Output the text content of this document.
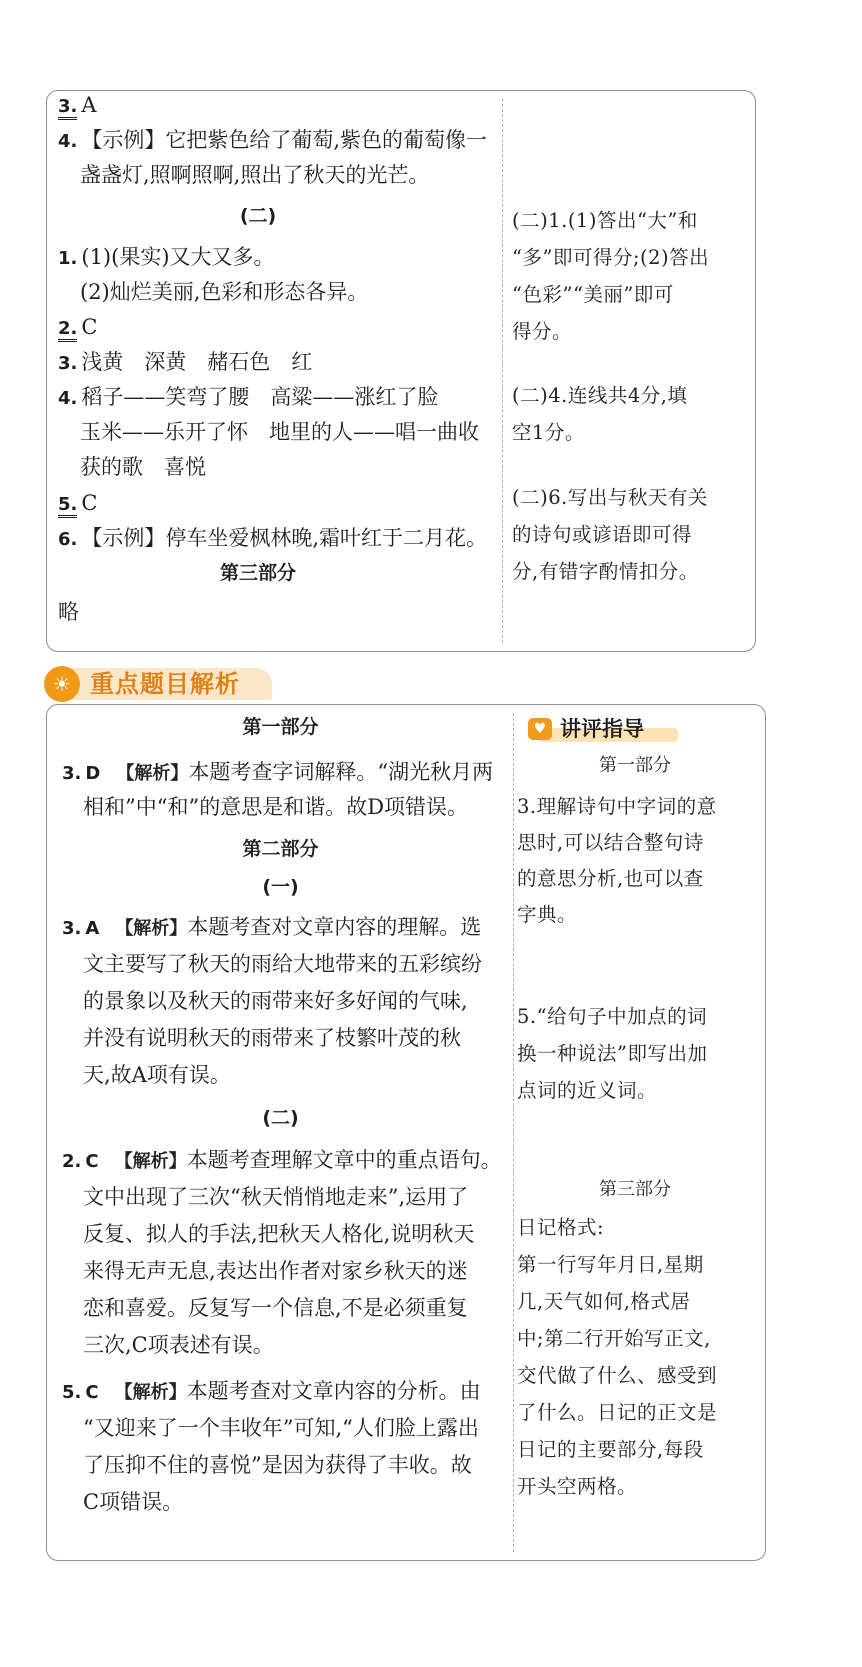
3. A
4. 【示例】它把紫色给了葡萄,紫色的葡萄像一
盏盏灯,照啊照啊,照出了秋天的光芒。
(二)
1. (1)(果实)又大又多。
(2)灿烂美丽,色彩和形态各异。
2. C
3. 浅黄　深黄　赭石色　红
4. 稻子——笑弯了腰　高粱——涨红了脸
玉米——乐开了怀　地里的人——唱一曲收
获的歌　喜悦
5. C
6. 【示例】停车坐爱枫林晚,霜叶红于二月花。
第三部分
略
(二)1.(1)答出“大”和
“多”即可得分;(2)答出
“色彩”“美丽”即可
得分。
(二)4.连线共4分,填
空1分。
(二)6.写出与秋天有关
的诗句或谚语即可得
分,有错字酌情扣分。
☀ 重点题目解析
第一部分
3. D 【解析】本题考查字词解释。“湖光秋月两
相和”中“和”的意思是和谐。故D项错误。
第二部分
(一)
3. A 【解析】本题考查对文章内容的理解。选
文主要写了秋天的雨给大地带来的五彩缤纷
的景象以及秋天的雨带来好多好闻的气味,
并没有说明秋天的雨带来了枝繁叶茂的秋
天,故A项有误。
(二)
2. C 【解析】本题考查理解文章中的重点语句。
文中出现了三次“秋天悄悄地走来”,运用了
反复、拟人的手法,把秋天人格化,说明秋天
来得无声无息,表达出作者对家乡秋天的迷
恋和喜爱。反复写一个信息,不是必须重复
三次,C项表述有误。
5. C 【解析】本题考查对文章内容的分析。由
“又迎来了一个丰收年”可知,“人们脸上露出
了压抑不住的喜悦”是因为获得了丰收。故
C项错误。
♥ 讲评指导
第一部分
3.理解诗句中字词的意
思时,可以结合整句诗
的意思分析,也可以查
字典。
5.“给句子中加点的词
换一种说法”即写出加
点词的近义词。
第三部分
日记格式:
第一行写年月日,星期
几,天气如何,格式居
中;第二行开始写正文,
交代做了什么、感受到
了什么。日记的正文是
日记的主要部分,每段
开头空两格。
